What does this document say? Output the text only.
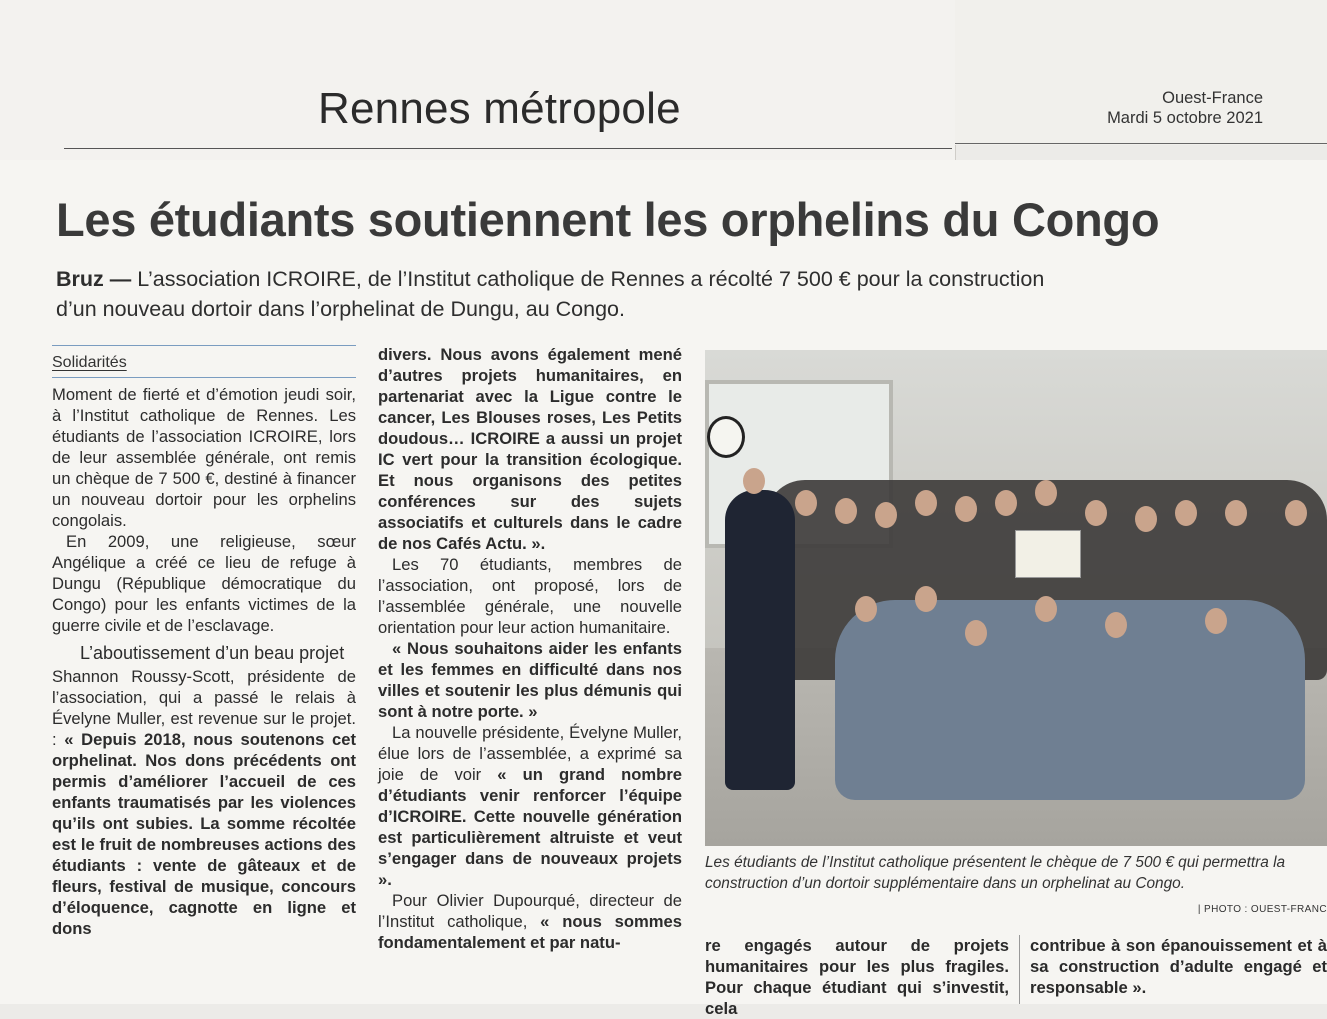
Rennes métropole	Ouest-France
Mardi 5 octobre 2021
Les étudiants soutiennent les orphelins du Congo
Bruz — L’association ICROIRE, de l’Institut catholique de Rennes a récolté 7 500 € pour la construction d’un nouveau dortoir dans l’orphelinat de Dungu, au Congo.
Solidarités

Moment de fierté et d’émotion jeudi soir, à l’Institut catholique de Rennes. Les étudiants de l’association ICROIRE, lors de leur assemblée générale, ont remis un chèque de 7 500 €, destiné à financer un nouveau dortoir pour les orphelins congolais.

En 2009, une religieuse, sœur Angélique a créé ce lieu de refuge à Dungu (République démocratique du Congo) pour les enfants victimes de la guerre civile et de l’esclavage.

L’aboutissement d’un beau projet

Shannon Roussy-Scott, présidente de l’association, qui a passé le relais à Évelyne Muller, est revenue sur le projet. : « Depuis 2018, nous soutenons cet orphelinat. Nos dons précédents ont permis d’améliorer l’accueil de ces enfants traumatisés par les violences qu’ils ont subies. La somme récoltée est le fruit de nombreuses actions des étudiants : vente de gâteaux et de fleurs, festival de musique, concours d’éloquence, cagnotte en ligne et dons

divers. Nous avons également mené d’autres projets humanitaires, en partenariat avec la Ligue contre le cancer, Les Blouses roses, Les Petits doudous… ICROIRE a aussi un projet IC vert pour la transition écologique. Et nous organisons des petites conférences sur des sujets associatifs et culturels dans le cadre de nos Cafés Actu. ».

Les 70 étudiants, membres de l’association, ont proposé, lors de l’assemblée générale, une nouvelle orientation pour leur action humanitaire.

« Nous souhaitons aider les enfants et les femmes en difficulté dans nos villes et soutenir les plus démunis qui sont à notre porte. »

La nouvelle présidente, Évelyne Muller, élue lors de l’assemblée, a exprimé sa joie de voir « un grand nombre d’étudiants venir renforcer l’équipe d’ICROIRE. Cette nouvelle génération est particulièrement altruiste et veut s’engager dans de nouveaux projets ».

Pour Olivier Dupourqué, directeur de l’Institut catholique, « nous sommes fondamentalement et par natu-

Les étudiants de l’Institut catholique présentent le chèque de 7 500 € qui permettra la construction d’un dortoir supplémentaire dans un orphelinat au Congo.
| PHOTO : OUEST-FRANC
re engagés autour de projets humanitaires pour les plus fragiles. Pour chaque étudiant qui s’investit, cela
contribue à son épanouissement et à sa construction d’adulte engagé et responsable ».
